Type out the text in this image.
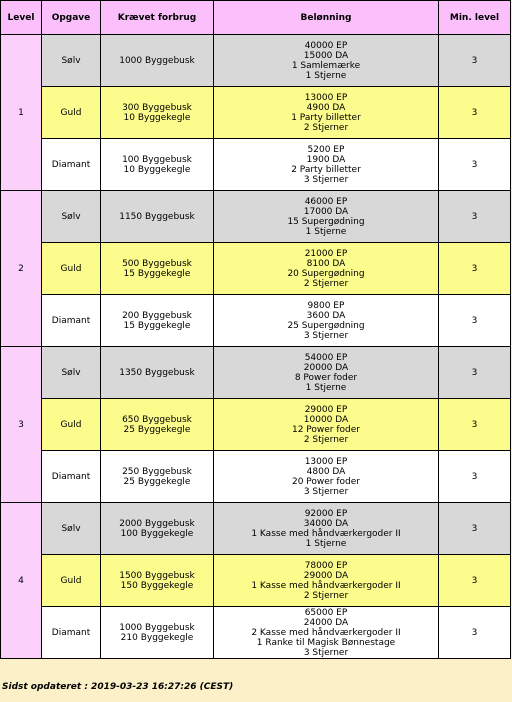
Level	Opgave	Krævet forbrug	Belønning	Min. level
1	Sølv	1000 Byggebusk	40000 EP
15000 DA
1 Samlemærke
1 Stjerne	3
	Guld	300 Byggebusk
10 Byggekegle	13000 EP
4900 DA
1 Party billetter
2 Stjerner	3
	Diamant	100 Byggebusk
10 Byggekegle	5200 EP
1900 DA
2 Party billetter
3 Stjerner	3
2	Sølv	1150 Byggebusk	46000 EP
17000 DA
15 Supergødning
1 Stjerne	3
	Guld	500 Byggebusk
15 Byggekegle	21000 EP
8100 DA
20 Supergødning
2 Stjerner	3
	Diamant	200 Byggebusk
15 Byggekegle	9800 EP
3600 DA
25 Supergødning
3 Stjerner	3
3	Sølv	1350 Byggebusk	54000 EP
20000 DA
8 Power foder
1 Stjerne	3
	Guld	650 Byggebusk
25 Byggekegle	29000 EP
10000 DA
12 Power foder
2 Stjerner	3
	Diamant	250 Byggebusk
25 Byggekegle	13000 EP
4800 DA
20 Power foder
3 Stjerner	3
4	Sølv	2000 Byggebusk
100 Byggekegle	92000 EP
34000 DA
1 Kasse med håndværkergoder II
1 Stjerne	3
	Guld	1500 Byggebusk
150 Byggekegle	78000 EP
29000 DA
1 Kasse med håndværkergoder II
2 Stjerner	3
	Diamant	1000 Byggebusk
210 Byggekegle	65000 EP
24000 DA
2 Kasse med håndværkergoder II
1 Ranke til Magisk Bønnestage
3 Stjerner	3
Sidst opdateret : 2019-03-23 16:27:26 (CEST)
